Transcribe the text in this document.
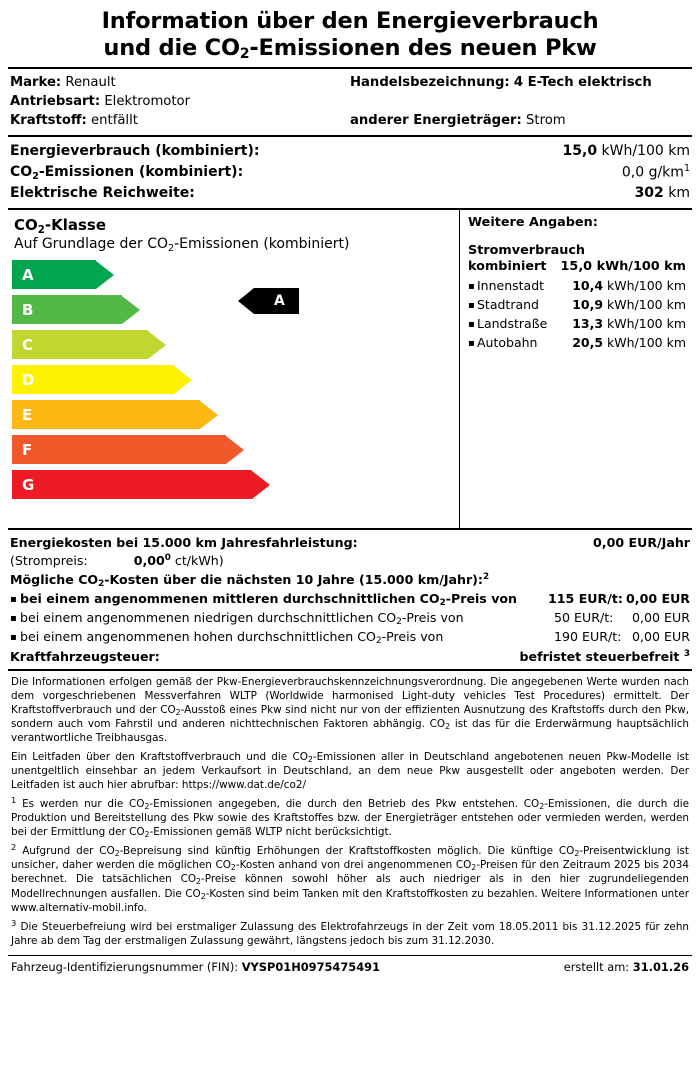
Information über den Energieverbrauch
und die $CO_2$-Emissionen des neuen Pkw
Marke: Renault	Handelsbezeichnung: 4 E-Tech elektrisch
Antriebsart: Elektromotor
Kraftstoff: entfällt	anderer Energieträger: Strom
Energieverbrauch (kombiniert):	15,0 kWh/100 km
$CO_2$-Emissionen (kombiniert):	0,0 $g/km^1$
Elektrische Reichweite:	302 km
$CO_2$-Klasse
Auf Grundlage der $CO_2$-Emissionen (kombiniert)
A
B
C
D
E
F
G
A
Weitere Angaben:
Stromverbrauch
kombiniert 15,0 kWh/100 km
▪ Innenstadt	10,4 kWh/100 km
▪ Stadtrand	10,9 kWh/100 km
▪ Landstraße	13,3 kWh/100 km
▪ Autobahn	20,5 kWh/100 km
Energiekosten bei 15.000 km Jahresfahrleistung:	0,00 EUR/Jahr
(Strompreis:	0,00$^0$ ct/kWh)
Mögliche $CO_2$-Kosten über die nächsten 10 Jahre (15.000 km/Jahr):$^2$
▪ bei einem angenommenen mittleren durchschnittlichen $CO_2$-Preis von	115 EUR/t: 0,00 EUR
▪ bei einem angenommenen niedrigen durchschnittlichen $CO_2$-Preis von	50 EUR/t:	0,00 EUR
▪ bei einem angenommenen hohen durchschnittlichen $CO_2$-Preis von	190 EUR/t: 0,00 EUR
Kraftfahrzeugsteuer:	befristet steuerbefreit $^3$

Die Informationen erfolgen gemäß der Pkw-Energieverbrauchskennzeichnungsverordnung. Die angegebenen Werte wurden nach dem vorgeschriebenen Messverfahren WLTP (Worldwide harmonised Light-duty vehicles Test Procedures) ermittelt. Der Kraftstoffverbrauch und der $CO_2$-Ausstoß eines Pkw sind nicht nur von der effizienten Ausnutzung des Kraftstoffs durch den Pkw, sondern auch vom Fahrstil und anderen nichttechnischen Faktoren abhängig. $CO_2$ ist das für die Erderwärmung hauptsächlich verantwortliche Treibhausgas.

Ein Leitfaden über den Kraftstoffverbrauch und die $CO_2$-Emissionen aller in Deutschland angebotenen neuen Pkw-Modelle ist unentgeltlich einsehbar an jedem Verkaufsort in Deutschland, an dem neue Pkw ausgestellt oder angeboten werden. Der Leitfaden ist auch hier abrufbar: https://www.dat.de/co2/

$^1$ Es werden nur die $CO_2$-Emissionen angegeben, die durch den Betrieb des Pkw entstehen. $CO_2$-Emissionen, die durch die Produktion und Bereitstellung des Pkw sowie des Kraftstoffes bzw. der Energieträger entstehen oder vermieden werden, werden bei der Ermittlung der $CO_2$-Emissionen gemäß WLTP nicht berücksichtigt.

$^2$ Aufgrund der $CO_2$-Bepreisung sind künftig Erhöhungen der Kraftstoffkosten möglich. Die künftige $CO_2$-Preisentwicklung ist unsicher, daher werden die möglichen $CO_2$-Kosten anhand von drei angenommenen $CO_2$-Preisen für den Zeitraum 2025 bis 2034 berechnet. Die tatsächlichen $CO_2$-Preise können sowohl höher als auch niedriger als in den hier zugrundeliegenden Modellrechnungen ausfallen. Die $CO_2$-Kosten sind beim Tanken mit den Kraftstoffkosten zu bezahlen. Weitere Informationen unter www.alternativ-mobil.info.

$^3$ Die Steuerbefreiung wird bei erstmaliger Zulassung des Elektrofahrzeugs in der Zeit vom 18.05.2011 bis 31.12.2025 für zehn Jahre ab dem Tag der erstmaligen Zulassung gewährt, längstens jedoch bis zum 31.12.2030.

Fahrzeug-Identifizierungsnummer (FIN): VYSP01H0975475491	erstellt am: 31.01.26
